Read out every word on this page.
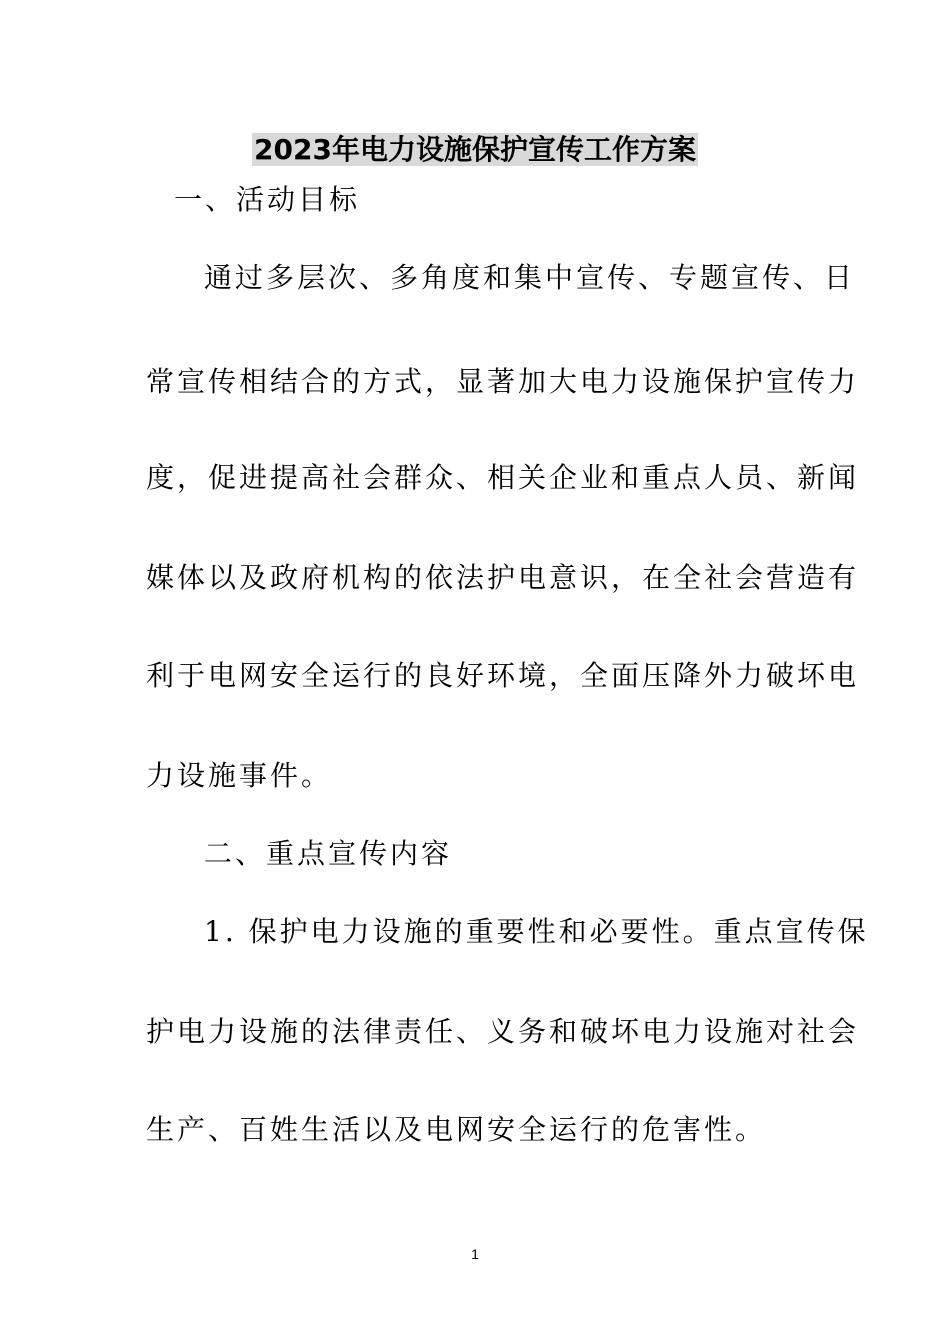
2023年电力设施保护宣传工作方案
一、活动目标
通过多层次、多角度和集中宣传、专题宣传、日
常宣传相结合的方式，显著加大电力设施保护宣传力
度，促进提高社会群众、相关企业和重点人员、新闻
媒体以及政府机构的依法护电意识，在全社会营造有
利于电网安全运行的良好环境，全面压降外力破坏电
力设施事件。
二、重点宣传内容
1. 保护电力设施的重要性和必要性。重点宣传保
护电力设施的法律责任、义务和破坏电力设施对社会
生产、百姓生活以及电网安全运行的危害性。
1
